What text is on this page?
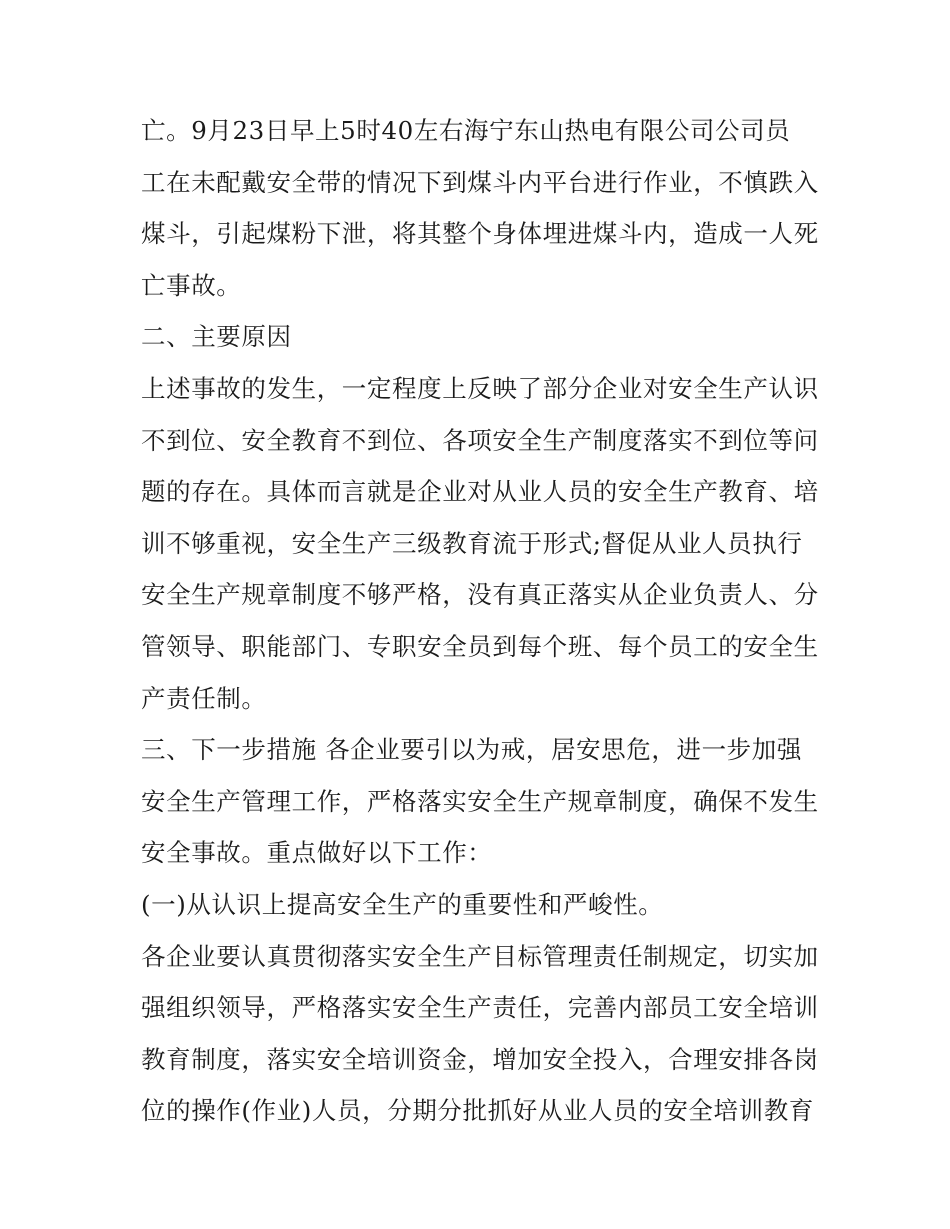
亡。9月23日早上5时40左右海宁东山热电有限公司公司员
工在未配戴安全带的情况下到煤斗内平台进行作业，不慎跌入
煤斗，引起煤粉下泄，将其整个身体埋进煤斗内，造成一人死
亡事故。
二、主要原因
上述事故的发生，一定程度上反映了部分企业对安全生产认识
不到位、安全教育不到位、各项安全生产制度落实不到位等问
题的存在。具体而言就是企业对从业人员的安全生产教育、培
训不够重视，安全生产三级教育流于形式;督促从业人员执行
安全生产规章制度不够严格，没有真正落实从企业负责人、分
管领导、职能部门、专职安全员到每个班、每个员工的安全生
产责任制。
三、下一步措施 各企业要引以为戒，居安思危，进一步加强
安全生产管理工作，严格落实安全生产规章制度，确保不发生
安全事故。重点做好以下工作：
(一)从认识上提高安全生产的重要性和严峻性。
各企业要认真贯彻落实安全生产目标管理责任制规定，切实加
强组织领导，严格落实安全生产责任，完善内部员工安全培训
教育制度，落实安全培训资金，增加安全投入，合理安排各岗
位的操作(作业)人员，分期分批抓好从业人员的安全培训教育
